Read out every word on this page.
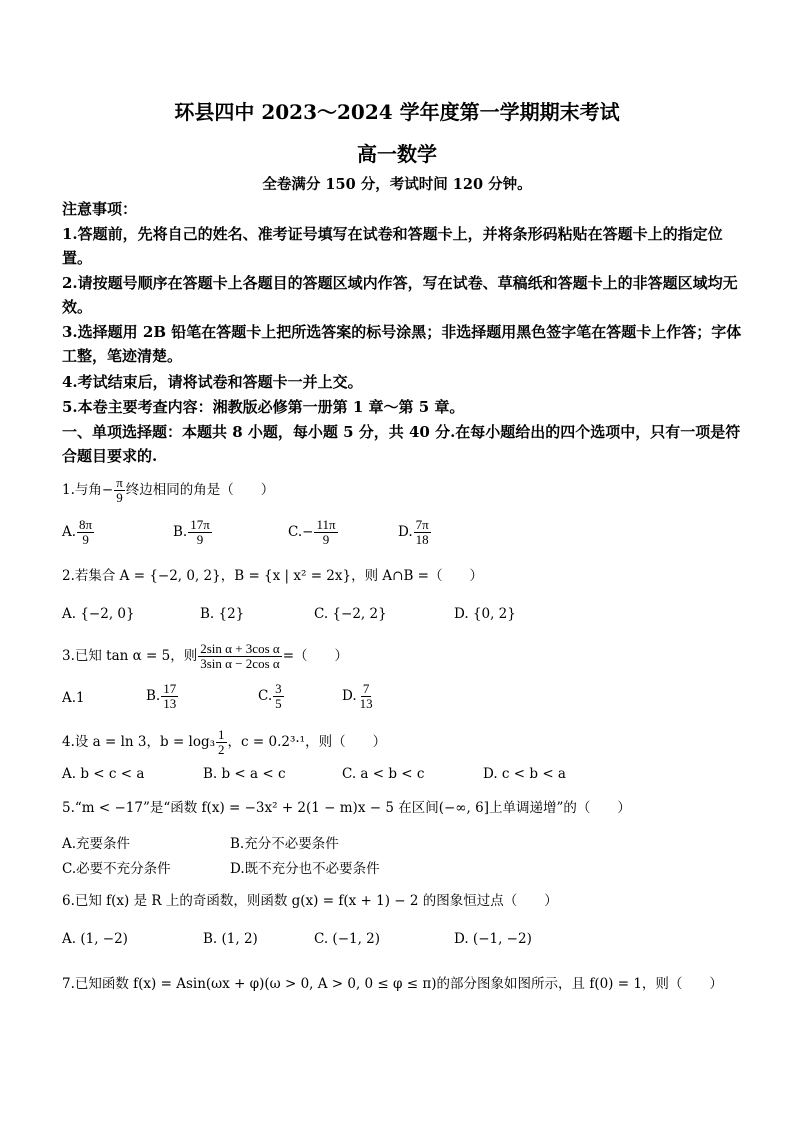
环县四中 2023～2024 学年度第一学期期末考试
高一数学
全卷满分 150 分，考试时间 120 分钟。
注意事项：
1.答题前，先将自己的姓名、准考证号填写在试卷和答题卡上，并将条形码粘贴在答题卡上的指定位置。
2.请按题号顺序在答题卡上各题目的答题区域内作答，写在试卷、草稿纸和答题卡上的非答题区域均无效。
3.选择题用 2B 铅笔在答题卡上把所选答案的标号涂黑；非选择题用黑色签字笔在答题卡上作答；字体工整，笔迹清楚。
4.考试结束后，请将试卷和答题卡一并上交。
5.本卷主要考查内容：湘教版必修第一册第 1 章～第 5 章。
一、单项选择题：本题共 8 小题，每小题 5 分，共 40 分.在每小题给出的四个选项中，只有一项是符合题目要求的.
1.与角− $\frac{\pi}{9}$ 终边相同的角是（　　）
A. $\frac{8\pi}{9}$	B. $\frac{17\pi}{9}$	$C.- \frac{11\pi}{9}$	D. $\frac{7\pi}{18}$
2.若集合 A = {−2, 0, 2}，B = {x | x² = 2x}，则 A∩B =（　　）
A. {−2, 0}	B. {2}	C. {−2, 2}	D. {0, 2}
3.已知 tan α = 5，则 $\frac{\text{2sin α + 3cos α}}{\text{3sin α − 2cos α}}$ =（　　）
A.1	B. $\frac{17}{13}$	C. $\frac{3}{5}$	D. $\frac{7}{13}$
4.设 a = ln 3，$b = \log_3 \frac{1}{2}$ ，c = 0.2³·¹，则（　　）
A. b < c < a	B. b < a < c	C. a < b < c	D. c < b < a
5.“m < −17”是“函数 f(x) = −3x² + 2(1 − m)x − 5 在区间(−∞, 6]上单调递增”的（　　）
A.充要条件	B.充分不必要条件
C.必要不充分条件	D.既不充分也不必要条件
6.已知 f(x) 是 R 上的奇函数，则函数 g(x) = f(x + 1) − 2 的图象恒过点（　　）
A. (1, −2)	B. (1, 2)	C. (−1, 2)	D. (−1, −2)
7.已知函数 f(x) = Asin(ωx + φ)(ω > 0, A > 0, 0 ≤ φ ≤ π)的部分图象如图所示，且 f(0) = 1，则（　　）
